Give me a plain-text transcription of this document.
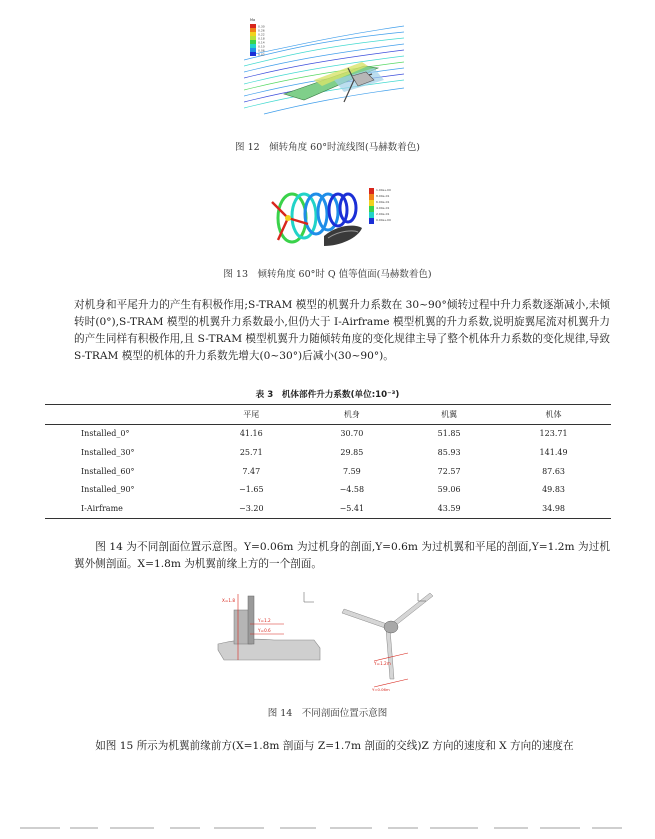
Ma
0.30
0.26
0.22
0.18
0.14
0.10
0.06
0.02
图 12　倾转角度 60°时流线图(马赫数着色)
1.00e+00
8.00e-01
6.00e-01
4.00e-01
2.00e-01
0.00e+00
图 13　倾转角度 60°时 Q 值等值面(马赫数着色)
对机身和平尾升力的产生有积极作用;S-TRAM 模型的机翼升力系数在 30~90°倾转过程中升力系数逐渐减小,未倾转时(0°),S-TRAM 模型的机翼升力系数最小,但仍大于 I-Airframe 模型机翼的升力系数,说明旋翼尾流对机翼升力的产生同样有积极作用,且 S-TRAM 模型机翼升力随倾转角度的变化规律主导了整个机体升力系数的变化规律,导致 S-TRAM 模型的机体的升力系数先增大(0~30°)后减小(30~90°)。
表 3　机体部件升力系数(单位:10⁻³)
	平尾	机身	机翼	机体
Installed_0°	41.16	30.70	51.85	123.71
Installed_30°	25.71	29.85	85.93	141.49
Installed_60°	7.47	7.59	72.57	87.63
Installed_90°	−1.65	−4.58	59.06	49.83
I-Airframe	−3.20	−5.41	43.59	34.98
图 14 为不同剖面位置示意图。Y=0.06m 为过机身的剖面,Y=0.6m 为过机翼和平尾的剖面,Y=1.2m 为过机翼外侧剖面。X=1.8m 为机翼前缘上方的一个剖面。
X=1.8
Y=1.2
Y=0.6
Y=1.2m
Y=0.06m
图 14　不同剖面位置示意图
如图 15 所示为机翼前缘前方(X=1.8m 剖面与 Z=1.7m 剖面的交线)Z 方向的速度和 X 方向的速度在
